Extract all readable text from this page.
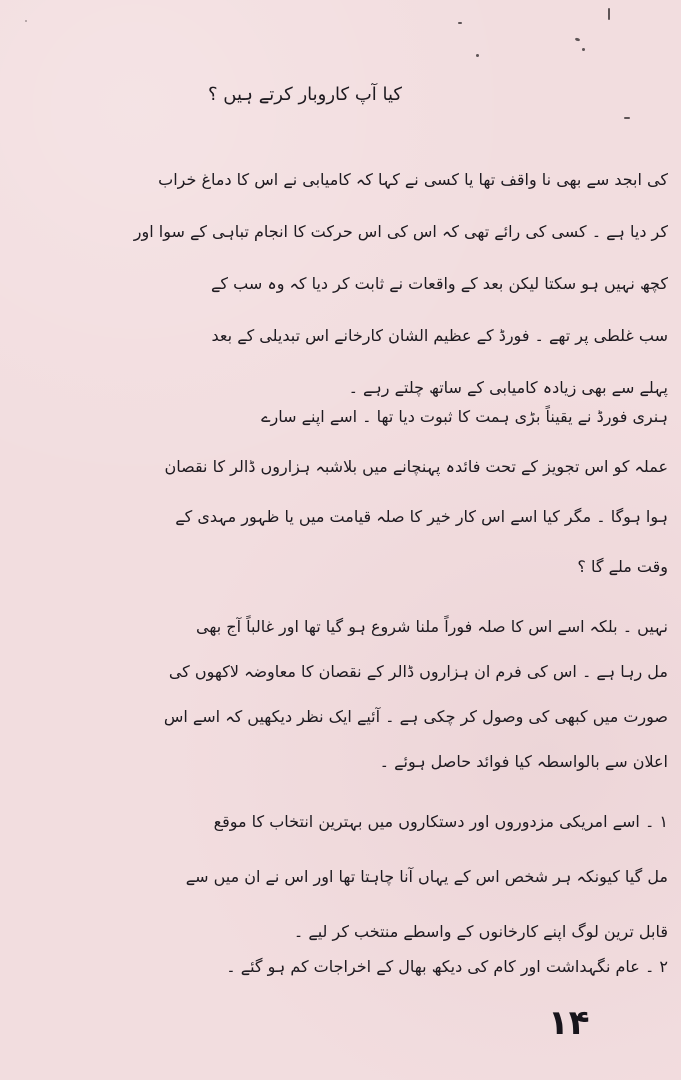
کیا آپ کاروبار کرتے ہیں ؟
کی ابجد سے بھی نا واقف تھا یا کسی نے کہا کہ کامیابی نے اس کا دماغ خراب
کر دیا ہے ۔ کسی کی رائے تھی کہ اس کی اس حرکت کا انجام تباہی کے سوا اور
کچھ نہیں ہو سکتا لیکن بعد کے واقعات نے ثابت کر دیا کہ وہ سب کے
سب غلطی پر تھے ۔ فورڈ کے عظیم الشان کارخانے اس تبدیلی کے بعد
پہلے سے بھی زیادہ کامیابی کے ساتھ چلتے رہے ۔
ہنری فورڈ نے یقیناً بڑی ہمت کا ثبوت دیا تھا ۔ اسے اپنے سارے
عملہ کو اس تجویز کے تحت فائدہ پہنچانے میں بلاشبہ ہزاروں ڈالر کا نقصان
ہوا ہوگا ۔ مگر کیا اسے اس کار خیر کا صلہ قیامت میں یا ظہور مہدی کے
وقت ملے گا ؟
نہیں ۔ بلکہ اسے اس کا صلہ فوراً ملنا شروع ہو گیا تھا اور غالباً آج بھی
مل رہا ہے ۔ اس کی فرم ان ہزاروں ڈالر کے نقصان کا معاوضہ لاکھوں کی
صورت میں کبھی کی وصول کر چکی ہے ۔ آئیے ایک نظر دیکھیں کہ اسے اس
اعلان سے بالواسطہ کیا فوائد حاصل ہوئے ۔
۱ ۔ اسے امریکی مزدوروں اور دستکاروں میں بہترین انتخاب کا موقع
مل گیا کیونکہ ہر شخص اس کے یہاں آنا چاہتا تھا اور اس نے ان میں سے
قابل ترین لوگ اپنے کارخانوں کے واسطے منتخب کر لیے ۔
۲ ۔ عام نگہداشت اور کام کی دیکھ بھال کے اخراجات کم ہو گئے ۔
۱۴
